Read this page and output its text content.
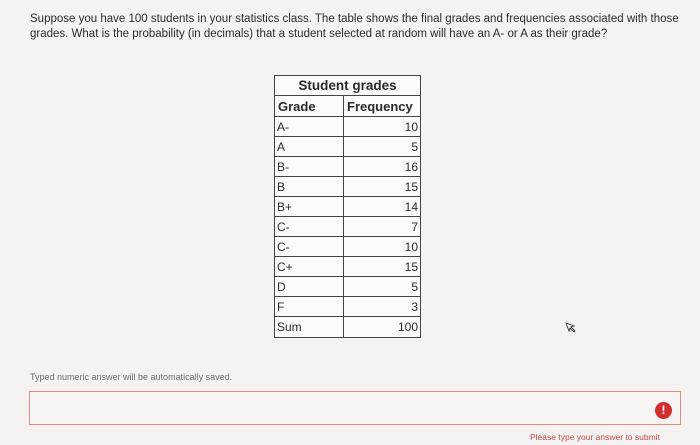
Suppose you have 100 students in your statistics class. The table shows the final grades and frequencies associated with those grades. What is the probability (in decimals) that a student selected at random will have an A- or A as their grade?
Student grades
Grade	Frequency
A-	10
A	5
B-	16
B	15
B+	14
C-	7
C-	10
C+	15
D	5
F	3
Sum	100
Typed numeric answer will be automatically saved.
!
Please type your answer to submit
